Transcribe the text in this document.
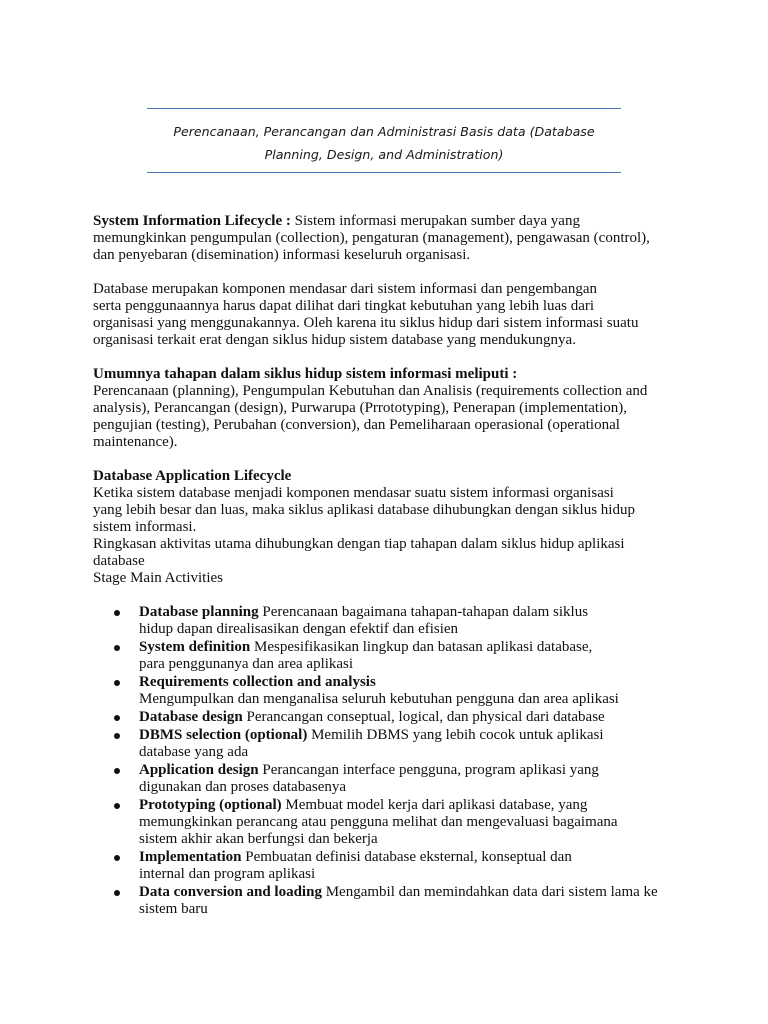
Perencanaan, Perancangan dan Administrasi Basis data (Database
Planning, Design, and Administration)

System Information Lifecycle : Sistem informasi merupakan sumber daya yang
memungkinkan pengumpulan (collection), pengaturan (management), pengawasan (control),
dan penyebaran (disemination) informasi keseluruh organisasi.

Database merupakan komponen mendasar dari sistem informasi dan pengembangan
serta penggunaannya harus dapat dilihat dari tingkat kebutuhan yang lebih luas dari
organisasi yang menggunakannya. Oleh karena itu siklus hidup dari sistem informasi suatu
organisasi terkait erat dengan siklus hidup sistem database yang mendukungnya.

Umumnya tahapan dalam siklus hidup sistem informasi meliputi :
Perencanaan (planning), Pengumpulan Kebutuhan dan Analisis (requirements collection and
analysis), Perancangan (design), Purwarupa (Prrototyping), Penerapan (implementation),
pengujian (testing), Perubahan (conversion), dan Pemeliharaan operasional (operational
maintenance).

Database Application Lifecycle
Ketika sistem database menjadi komponen mendasar suatu sistem informasi organisasi
yang lebih besar dan luas, maka siklus aplikasi database dihubungkan dengan siklus hidup
sistem informasi.
Ringkasan aktivitas utama dihubungkan dengan tiap tahapan dalam siklus hidup aplikasi
database
Stage Main Activities

Database planning Perencanaan bagaimana tahapan-tahapan dalam siklus
hidup dapan direalisasikan dengan efektif dan efisien
System definition Mespesifikasikan lingkup dan batasan aplikasi database,
para penggunanya dan area aplikasi
Requirements collection and analysis
Mengumpulkan dan menganalisa seluruh kebutuhan pengguna dan area aplikasi
Database design Perancangan conseptual, logical, dan physical dari database
DBMS selection (optional) Memilih DBMS yang lebih cocok untuk aplikasi
database yang ada
Application design Perancangan interface pengguna, program aplikasi yang
digunakan dan proses databasenya
Prototyping (optional) Membuat model kerja dari aplikasi database, yang
memungkinkan perancang atau pengguna melihat dan mengevaluasi bagaimana
sistem akhir akan berfungsi dan bekerja
Implementation Pembuatan definisi database eksternal, konseptual dan
internal dan program aplikasi
Data conversion and loading Mengambil dan memindahkan data dari sistem lama ke
sistem baru
